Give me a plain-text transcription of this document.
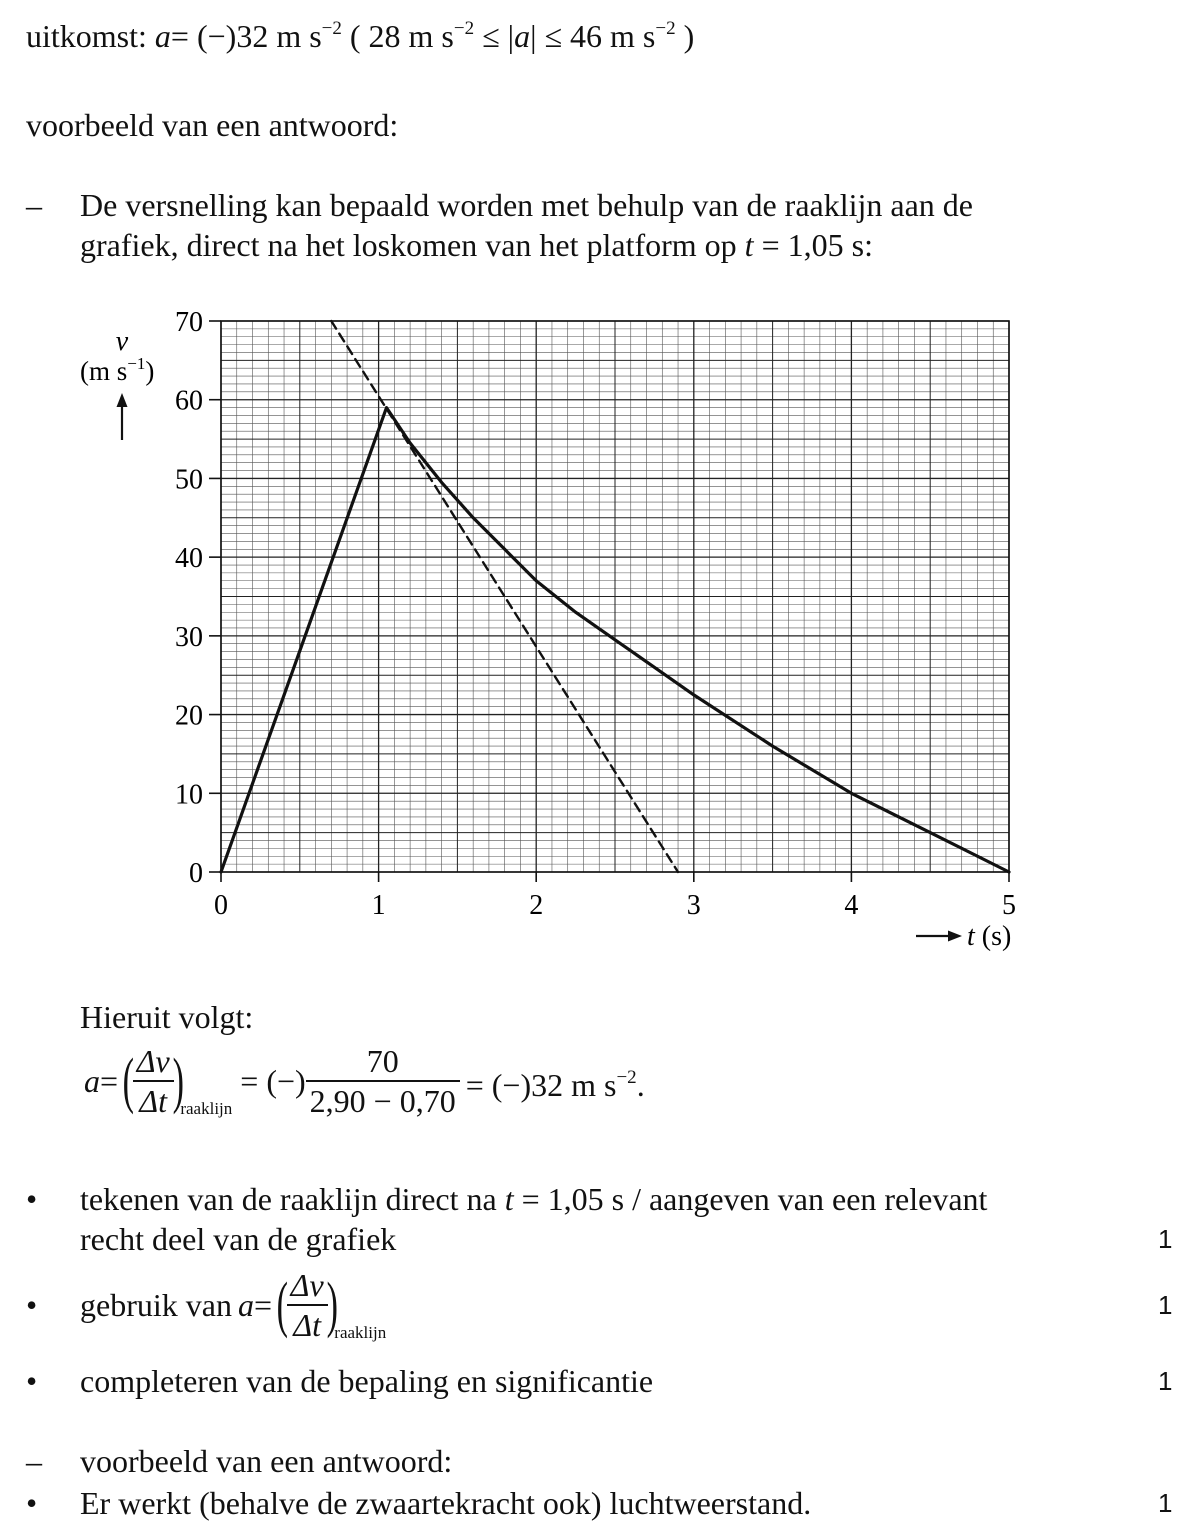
uitkomst: a= (−)32 m $s^{-2}$ ( 28 m $s^{-2} \le |a| \le 46$ m $s^{-2}$ )
voorbeeld van een antwoord:
– De versnelling kan bepaald worden met behulp van de raaklijn aan de
grafiek, direct na het loskomen van het platform op t = 1,05 s:
0
10
20
30
40
50
60
70
0	1	2	3	4	5
v
(m $s^{-1}$)
t (s)
Hieruit volgt:
a = (
$\frac{\Delta v}{\Delta t}$
)
raaklijn
= (−) $\frac{70}{2,90 - 0,70} = (-)32$ m $s^{-2}$.
• tekenen van de raaklijn direct na t = 1,05 s / aangeven van een relevant
recht deel van de grafiek	1
• gebruik van a = (
$\frac{\Delta v}{\Delta t}$
)
raaklijn
1
• completeren van de bepaling en significantie	1
– voorbeeld van een antwoord:
• Er werkt (behalve de zwaartekracht ook) luchtweerstand.	1
